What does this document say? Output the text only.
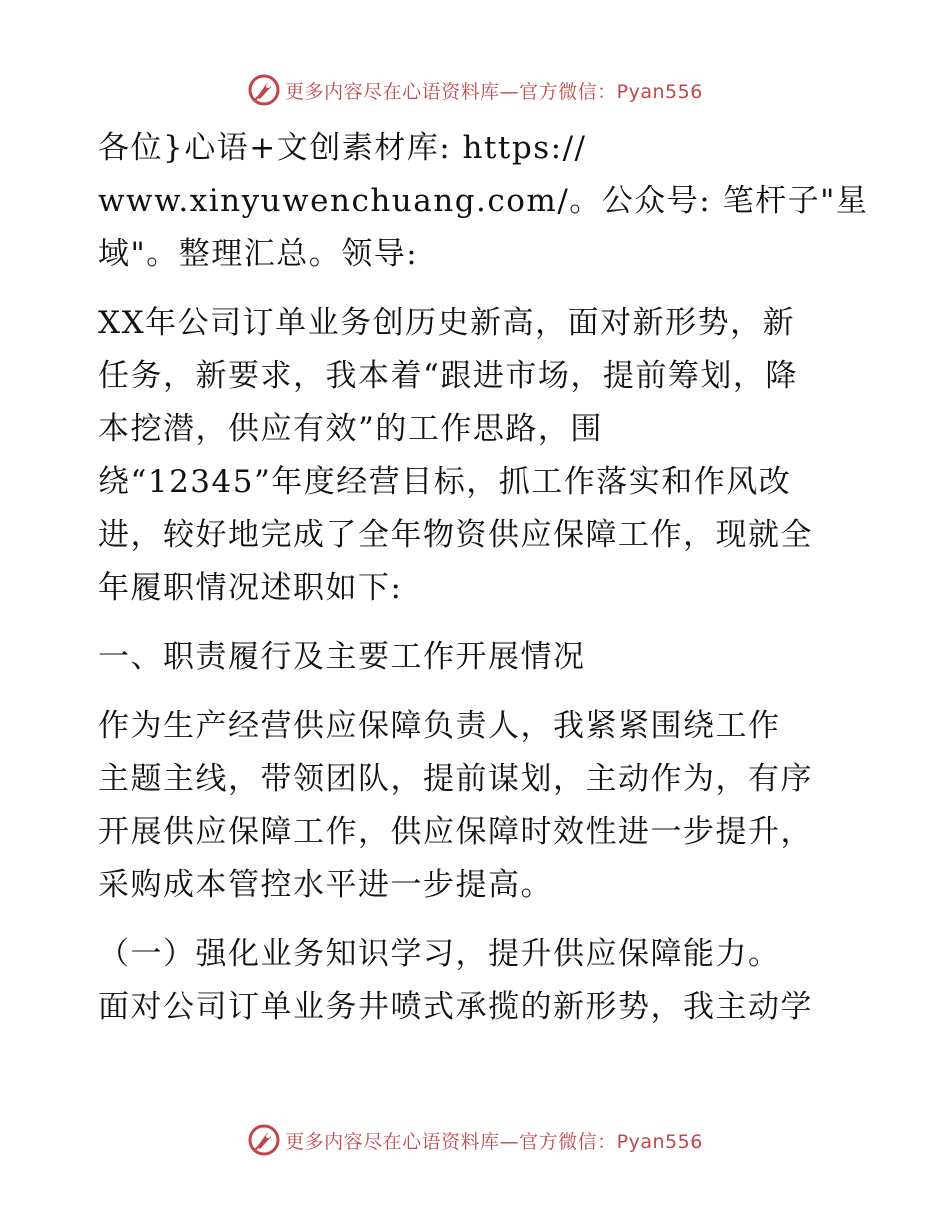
更多内容尽在心语资料库—官方微信：Pyan556

各位}心语+文创素材库: https://
www.xinyuwenchuang.com/。公众号: 笔杆子"星
域"。整理汇总。领导:

XX年公司订单业务创历史新高，面对新形势，新
任务，新要求，我本着“跟进市场，提前筹划，降
本挖潜，供应有效”的工作思路，围
绕“12345”年度经营目标，抓工作落实和作风改
进，较好地完成了全年物资供应保障工作，现就全
年履职情况述职如下:

一、职责履行及主要工作开展情况

作为生产经营供应保障负责人，我紧紧围绕工作
主题主线，带领团队，提前谋划，主动作为，有序
开展供应保障工作，供应保障时效性进一步提升，
采购成本管控水平进一步提高。

（一）强化业务知识学习，提升供应保障能力。
面对公司订单业务井喷式承揽的新形势，我主动学

更多内容尽在心语资料库—官方微信：Pyan556
